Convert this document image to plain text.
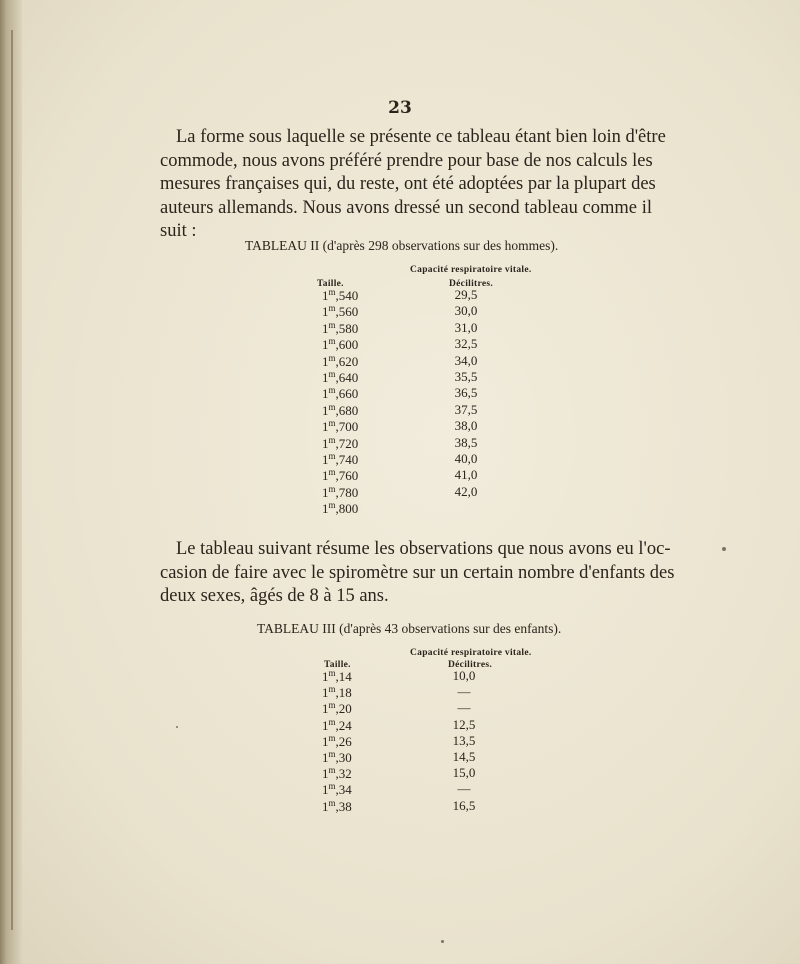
23
La forme sous laquelle se présente ce tableau étant bien loin d'être
commode, nous avons préféré prendre pour base de nos calculs les
mesures françaises qui, du reste, ont été adoptées par la plupart des
auteurs allemands. Nous avons dressé un second tableau comme il
suit :
TABLEAU II (d'après 298 observations sur des hommes).
Capacité respiratoire vitale.
Taille.	Décilitres.
1$^m$,540	29,5
1$^m$,560	30,0
1$^m$,580	31,0
1$^m$,600	32,5
1$^m$,620	34,0
1$^m$,640	35,5
1$^m$,660	36,5
1$^m$,680	37,5
1$^m$,700	38,0
1$^m$,720	38,5
1$^m$,740	40,0
1$^m$,760	41,0
1$^m$,780	42,0
1$^m$,800
Le tableau suivant résume les observations que nous avons eu l'oc-
casion de faire avec le spiromètre sur un certain nombre d'enfants des
deux sexes, âgés de 8 à 15 ans.
TABLEAU III (d'après 43 observations sur des enfants).
Capacité respiratoire vitale.
Taille.	Décilitres.
1$^m$,14	10,0
1$^m$,18	—
1$^m$,20	—
1$^m$,24	12,5
1$^m$,26	13,5
1$^m$,30	14,5
1$^m$,32	15,0
1$^m$,34	—
1$^m$,38	16,5
